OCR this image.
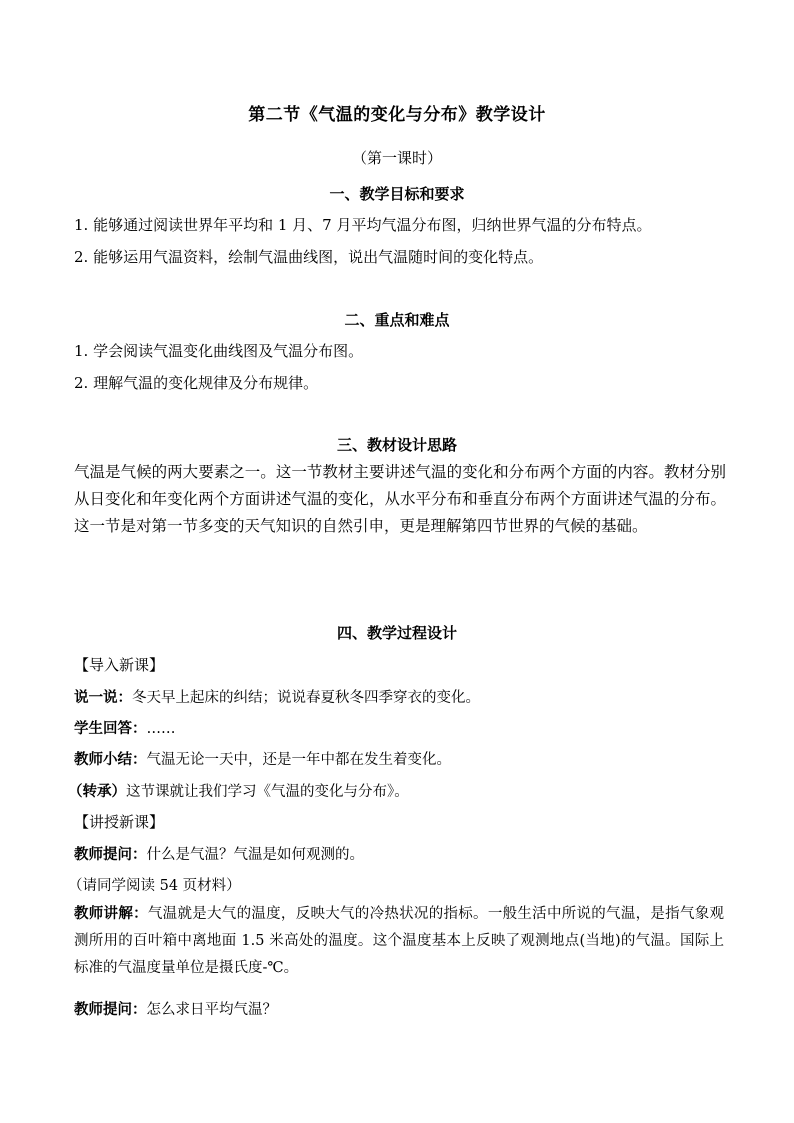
第二节《气温的变化与分布》教学设计
（第一课时）
一、教学目标和要求
1. 能够通过阅读世界年平均和 1 月、7 月平均气温分布图，归纳世界气温的分布特点。
2. 能够运用气温资料，绘制气温曲线图，说出气温随时间的变化特点。
二、重点和难点
1. 学会阅读气温变化曲线图及气温分布图。
2. 理解气温的变化规律及分布规律。
三、教材设计思路
气温是气候的两大要素之一。这一节教材主要讲述气温的变化和分布两个方面的内容。教材分别从日变化和年变化两个方面讲述气温的变化，从水平分布和垂直分布两个方面讲述气温的分布。这一节是对第一节多变的天气知识的自然引申，更是理解第四节世界的气候的基础。
四、教学过程设计
【导入新课】
说一说：冬天早上起床的纠结；说说春夏秋冬四季穿衣的变化。
学生回答：……
教师小结：气温无论一天中，还是一年中都在发生着变化。
（转承）这节课就让我们学习《气温的变化与分布》。
【讲授新课】
教师提问：什么是气温？气温是如何观测的。
（请同学阅读 54 页材料）
教师讲解：气温就是大气的温度，反映大气的冷热状况的指标。一般生活中所说的气温，是指气象观测所用的百叶箱中离地面 1.5 米高处的温度。这个温度基本上反映了观测地点(当地)的气温。国际上标准的气温度量单位是摄氏度-℃。
教师提问：怎么求日平均气温？
